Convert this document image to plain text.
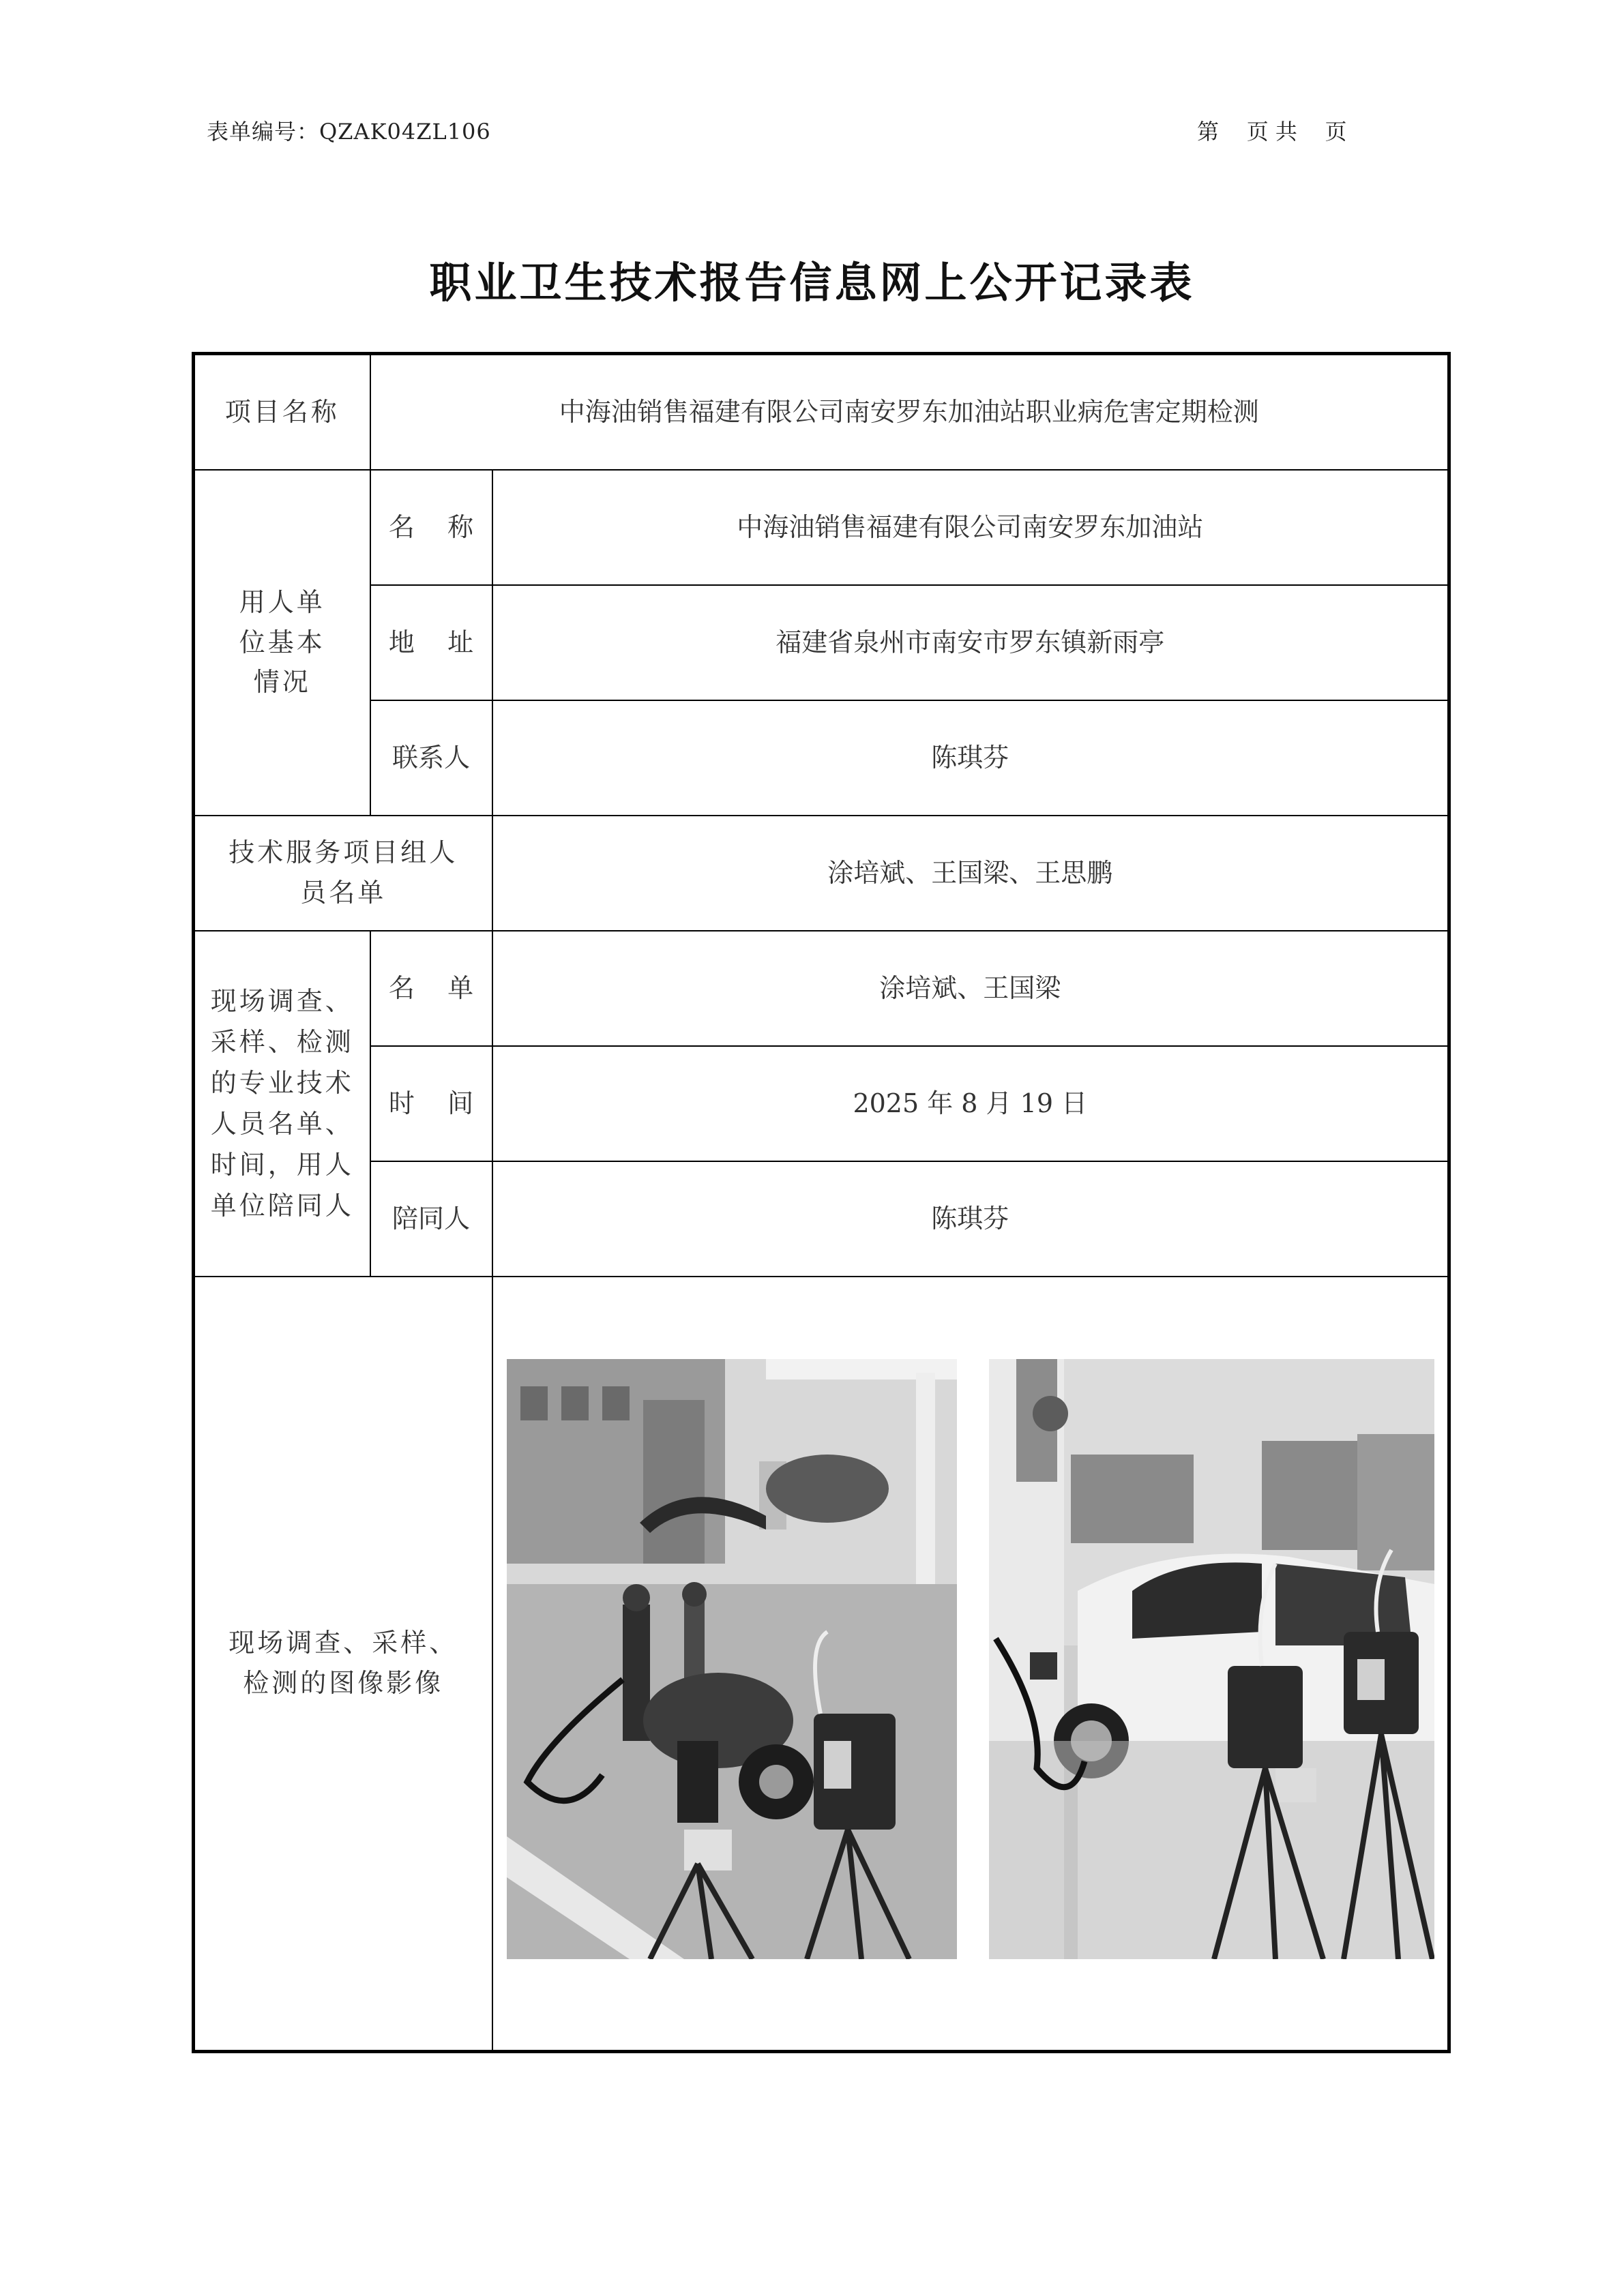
表单编号：QZAK04ZL106	第    页 共    页
职业卫生技术报告信息网上公开记录表
项目名称	中海油销售福建有限公司南安罗东加油站职业病危害定期检测	
用人单位基本情况	名    称	中海油销售福建有限公司南安罗东加油站
	地    址	福建省泉州市南安市罗东镇新雨亭
	联系人	陈琪芬
技术服务项目组人员名单		涂培斌、王国梁、王思鹏
现场调查、采样、检测的专业技术人员名单、时间，用人单位陪同人	名    单	涂培斌、王国梁
	时    间	2025 年 8 月 19 日
	陪同人	陈琪芬
现场调查、采样、检测的图像影像	
